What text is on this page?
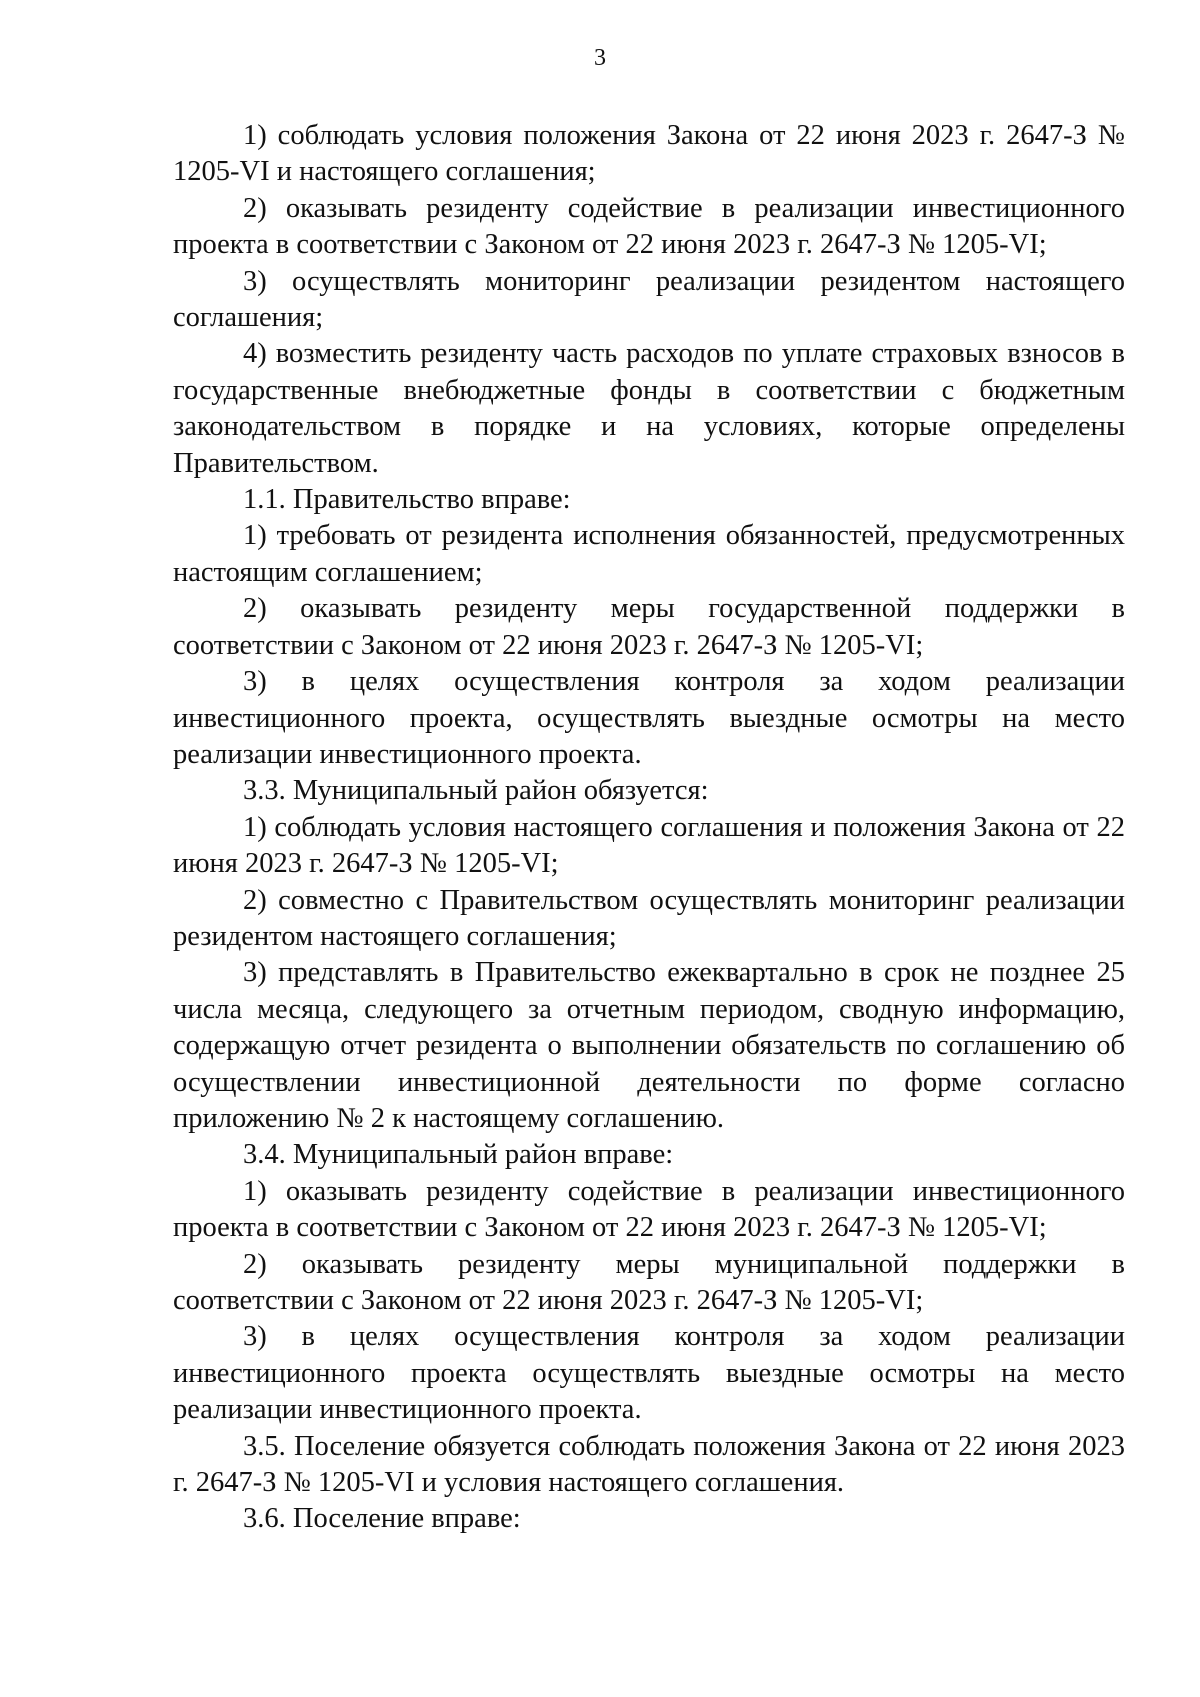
3

1) соблюдать условия положения Закона от 22 июня 2023 г. 2647-З № 1205-VI и настоящего соглашения;

2) оказывать резиденту содействие в реализации инвестиционного проекта в соответствии с Законом от 22 июня 2023 г. 2647-З № 1205-VI;

3) осуществлять мониторинг реализации резидентом настоящего соглашения;

4) возместить резиденту часть расходов по уплате страховых взносов в государственные внебюджетные фонды в соответствии с бюджетным законодательством в порядке и на условиях, которые определены Правительством.

1.1. Правительство вправе:

1) требовать от резидента исполнения обязанностей, предусмотренных настоящим соглашением;

2) оказывать резиденту меры государственной поддержки в соответствии с Законом от 22 июня 2023 г. 2647-З № 1205-VI;

3) в целях осуществления контроля за ходом реализации инвестиционного проекта, осуществлять выездные осмотры на место реализации инвестиционного проекта.

3.3. Муниципальный район обязуется:

1) соблюдать условия настоящего соглашения и положения Закона от 22 июня 2023 г. 2647-З № 1205-VI;

2) совместно с Правительством осуществлять мониторинг реализации резидентом настоящего соглашения;

3) представлять в Правительство ежеквартально в срок не позднее 25 числа месяца, следующего за отчетным периодом, сводную информацию, содержащую отчет резидента о выполнении обязательств по соглашению об осуществлении инвестиционной деятельности по форме согласно приложению № 2 к настоящему соглашению.

3.4. Муниципальный район вправе:

1) оказывать резиденту содействие в реализации инвестиционного проекта в соответствии с Законом от 22 июня 2023 г. 2647-З № 1205-VI;

2) оказывать резиденту меры муниципальной поддержки в соответствии с Законом от 22 июня 2023 г. 2647-З № 1205-VI;

3) в целях осуществления контроля за ходом реализации инвестиционного проекта осуществлять выездные осмотры на место реализации инвестиционного проекта.

3.5. Поселение обязуется соблюдать положения Закона от 22 июня 2023 г. 2647-З № 1205-VI и условия настоящего соглашения.

3.6. Поселение вправе:
